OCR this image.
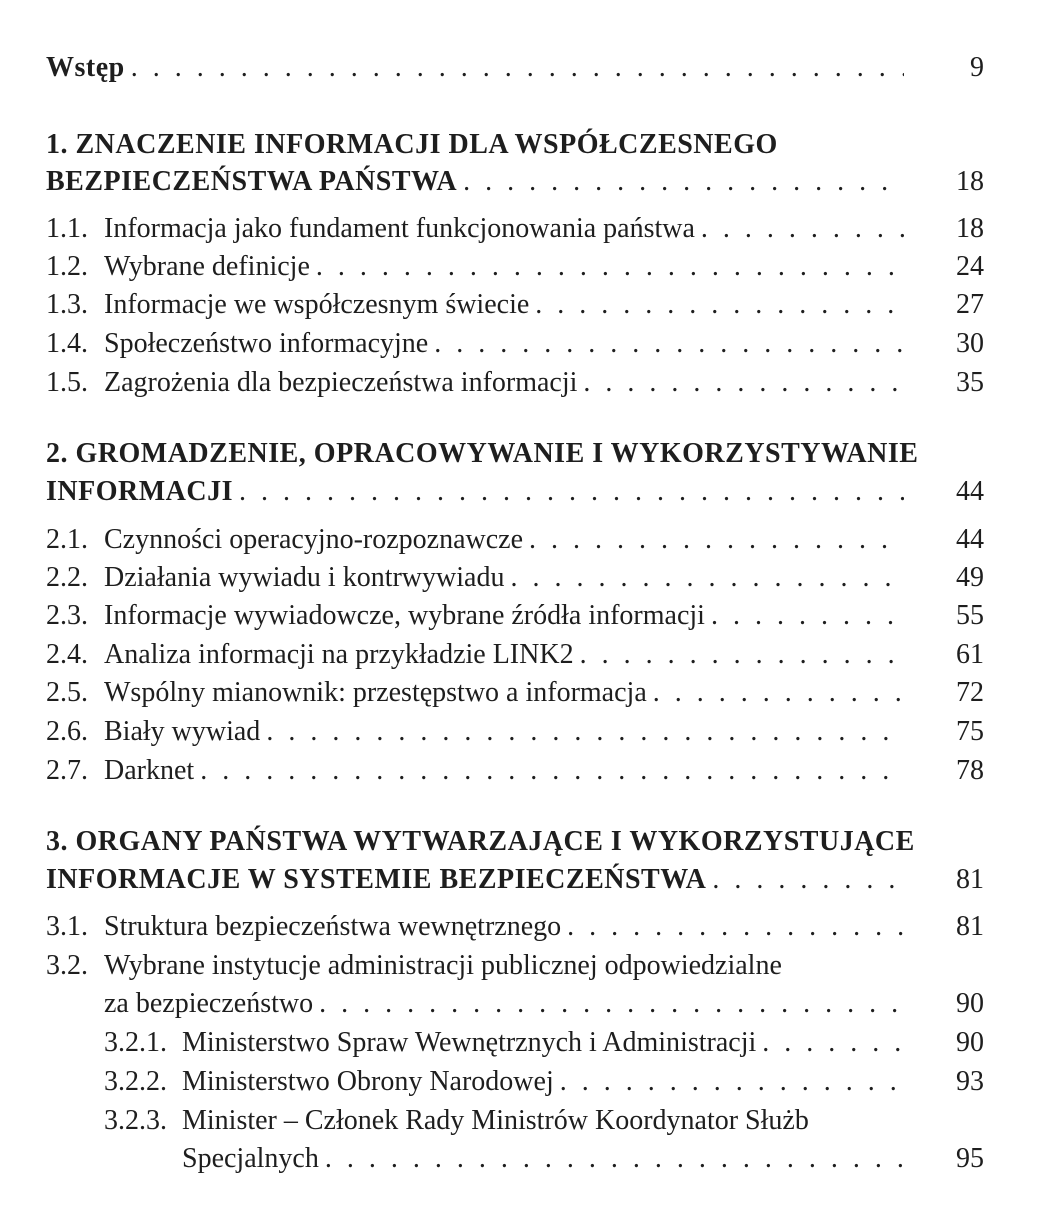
Wstęp . . .	9
1. ZNACZENIE INFORMACJI DLA WSPÓŁCZESNEGO
BEZPIECZEŃSTWA PAŃSTWA . . .	18
1.1. Informacja jako fundament funkcjonowania państwa . . .	18
1.2. Wybrane definicje . . .	24
1.3. Informacje we współczesnym świecie . . .	27
1.4. Społeczeństwo informacyjne . . .	30
1.5. Zagrożenia dla bezpieczeństwa informacji . . .	35
2. GROMADZENIE, OPRACOWYWANIE I WYKORZYSTYWANIE
INFORMACJI . . .	44
2.1. Czynności operacyjno-rozpoznawcze . . .	44
2.2. Działania wywiadu i kontrwywiadu . . .	49
2.3. Informacje wywiadowcze, wybrane źródła informacji . . .	55
2.4. Analiza informacji na przykładzie LINK2 . . .	61
2.5. Wspólny mianownik: przestępstwo a informacja . . .	72
2.6. Biały wywiad . . .	75
2.7. Darknet . . .	78
3. ORGANY PAŃSTWA WYTWARZAJĄCE I WYKORZYSTUJĄCE
INFORMACJE W SYSTEMIE BEZPIECZEŃSTWA . . .	81
3.1. Struktura bezpieczeństwa wewnętrznego . . .	81
3.2. Wybrane instytucje administracji publicznej odpowiedzialne
za bezpieczeństwo . . .	90
3.2.1. Ministerstwo Spraw Wewnętrznych i Administracji . . .	90
3.2.2. Ministerstwo Obrony Narodowej . . .	93
3.2.3. Minister – Członek Rady Ministrów Koordynator Służb
Specjalnych . . .	95
